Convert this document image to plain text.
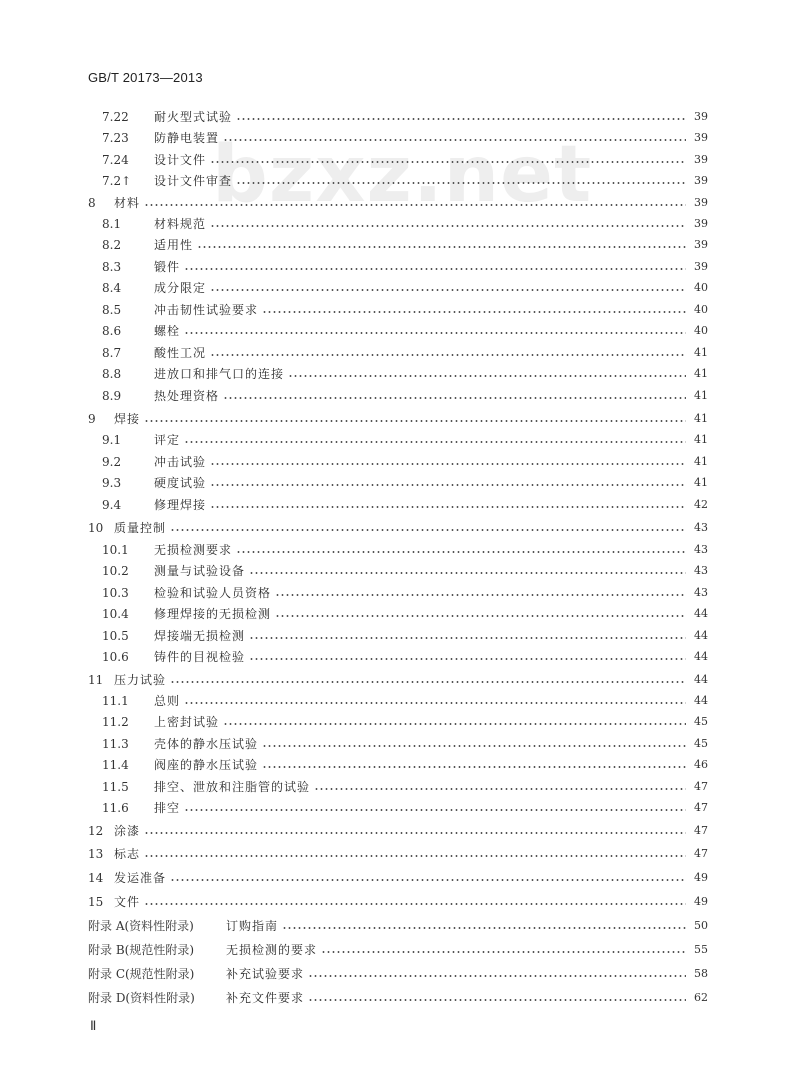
GB/T 20173—2013
bzxz.net
7.22	耐火型式试验	39
7.23	防静电装置	39
7.24	设计文件	39
7.2↑	设计文件审查	39
8	材料	39
8.1	材料规范	39
8.2	适用性	39
8.3	锻件	39
8.4	成分限定	40
8.5	冲击韧性试验要求	40
8.6	螺栓	40
8.7	酸性工况	41
8.8	进放口和排气口的连接	41
8.9	热处理资格	41
9	焊接	41
9.1	评定	41
9.2	冲击试验	41
9.3	硬度试验	41
9.4	修理焊接	42
10 质量控制	43
10.1	无损检测要求	43
10.2	测量与试验设备	43
10.3	检验和试验人员资格	43
10.4	修理焊接的无损检测	44
10.5	焊接端无损检测	44
10.6	铸件的目视检验	44
11 压力试验	44
11.1	总则	44
11.2	上密封试验	45
11.3	壳体的静水压试验	45
11.4	阀座的静水压试验	46
11.5	排空、泄放和注脂管的试验	47
11.6	排空	47
12 涂漆	47
13 标志	47
14 发运准备	49
15 文件	49
附录 A(资料性附录)	订购指南	50
附录 B(规范性附录)	无损检测的要求	55
附录 C(规范性附录)	补充试验要求	58
附录 D(资料性附录)	补充文件要求	62
Ⅱ
